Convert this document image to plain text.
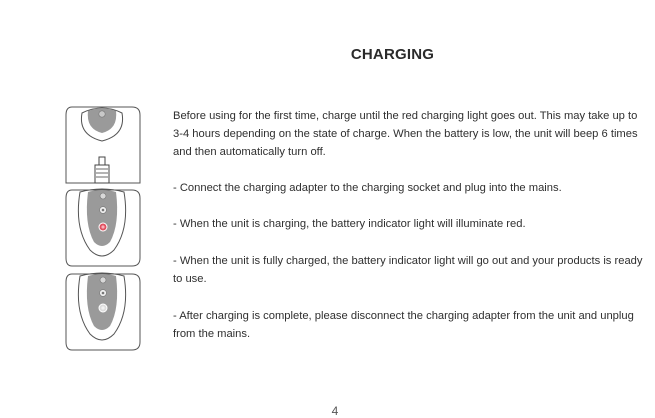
CHARGING
Before using for the first time, charge until the red charging light goes out. This may take up to 3-4 hours depending on the state of charge. When the battery is low, the unit will beep 6 times and then automatically turn off.
- Connect the charging adapter to the charging socket and plug into the mains.
- When the unit is charging, the battery indicator light will illuminate red.
- When the unit is fully charged, the battery indicator light will go out and your products is ready to use.
- After charging is complete, please disconnect the charging adapter from the unit and unplug from the mains.
4
